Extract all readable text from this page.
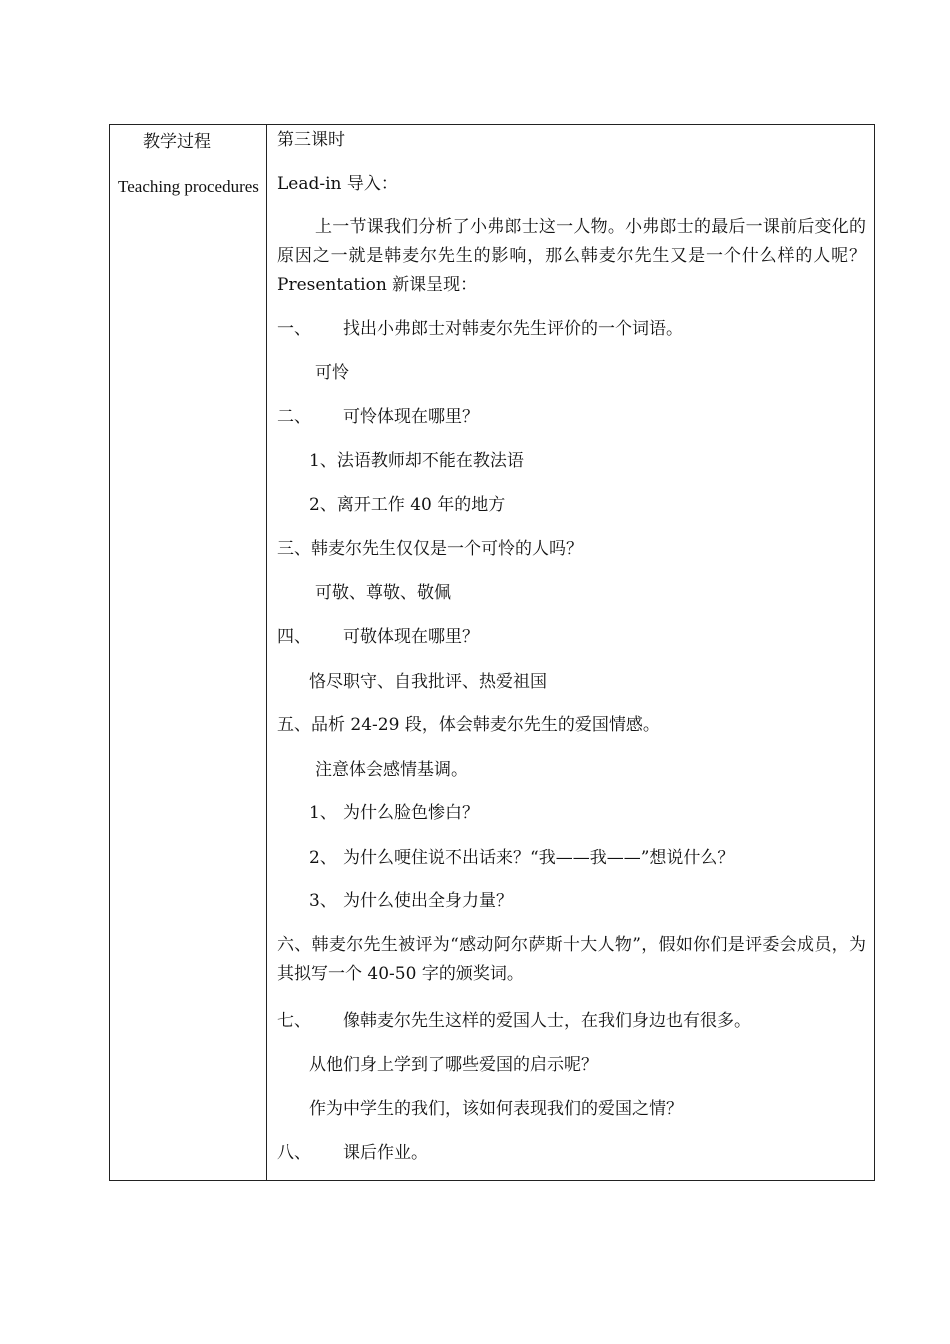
教学过程
Teaching procedures
第三课时
Lead-in 导入：
上一节课我们分析了小弗郎士这一人物。小弗郎士的最后一课前后变化的原因之一就是韩麦尔先生的影响，那么韩麦尔先生又是一个什么样的人呢？　Presentation 新课呈现：
一、 找出小弗郎士对韩麦尔先生评价的一个词语。
可怜
二、 可怜体现在哪里？
1、法语教师却不能在教法语
2、离开工作 40 年的地方
三、韩麦尔先生仅仅是一个可怜的人吗？
可敬、尊敬、敬佩
四、 可敬体现在哪里？
恪尽职守、自我批评、热爱祖国
五、品析 24-29 段，体会韩麦尔先生的爱国情感。
注意体会感情基调。
1、 为什么脸色惨白？
2、 为什么哽住说不出话来？“我——我——”想说什么？
3、 为什么使出全身力量？
六、韩麦尔先生被评为“感动阿尔萨斯十大人物”，假如你们是评委会成员，为其拟写一个 40-50 字的颁奖词。
七、 像韩麦尔先生这样的爱国人士，在我们身边也有很多。
从他们身上学到了哪些爱国的启示呢？
作为中学生的我们，该如何表现我们的爱国之情？
八、 课后作业。
